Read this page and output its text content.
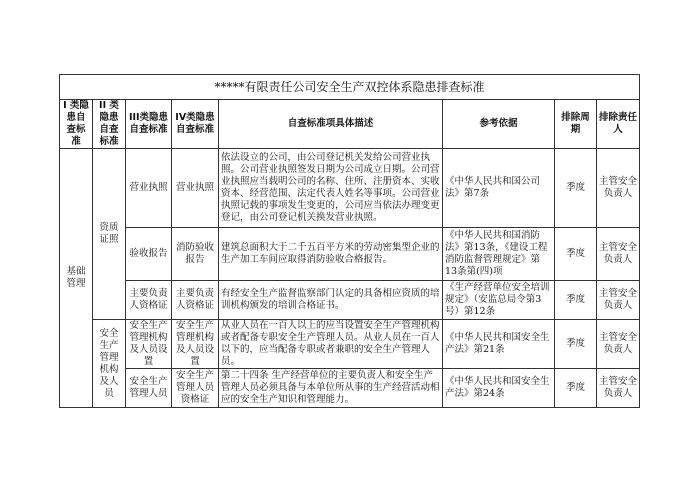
*****有限责任公司安全生产双控体系隐患排查标准							
I 类隐患自查标准	II 类隐患自查标准	III类隐患自查标准	IV类隐患自查标准	自查标准项具体描述	参考依据	排除周期	排除责任人
基础管理	资质证照	营业执照	营业执照	依法设立的公司，由公司登记机关发给公司营业执照。公司营业执照签发日期为公司成立日期。公司营业执照应当载明公司的名称、住所、注册资本、实收资本、经营范围、法定代表人姓名等事项。公司营业执照记载的事项发生变更的，公司应当依法办理变更登记，由公司登记机关换发营业执照。	《中华人民共和国公司法》第7条	季度	主管安全负责人
		验收报告	消防验收报告	建筑总面积大于二千五百平方米的劳动密集型企业的生产加工车间应取得消防验收合格报告。	《中华人民共和国消防法》第13条，《建设工程消防监督管理规定》第13条第(四)项	季度	主管安全负责人
		主要负责人资格证	主要负责人资格证	有经安全生产监督监察部门认定的具备相应资质的培训机构颁发的培训合格证书。	《生产经营单位安全培训规定》（安监总局令第3号）第12条	季度	主管安全负责人
	安全生产管理机构及人员	安全生产管理机构及人员设置	安全生产管理机构及人员设置	从业人员在一百人以上的应当设置安全生产管理机构或者配备专职安全生产管理人员。从业人员在一百人以下的，应当配备专职或者兼职的安全生产管理人员。	《中华人民共和国安全生产法》第21条	季度	主管安全负责人
		安全生产管理人员	安全生产管理人员资格证	第二十四条 生产经营单位的主要负责人和安全生产管理人员必须具备与本单位所从事的生产经营活动相应的安全生产知识和管理能力。	《中华人民共和国安全生产法》第24条	季度	主管安全负责人
